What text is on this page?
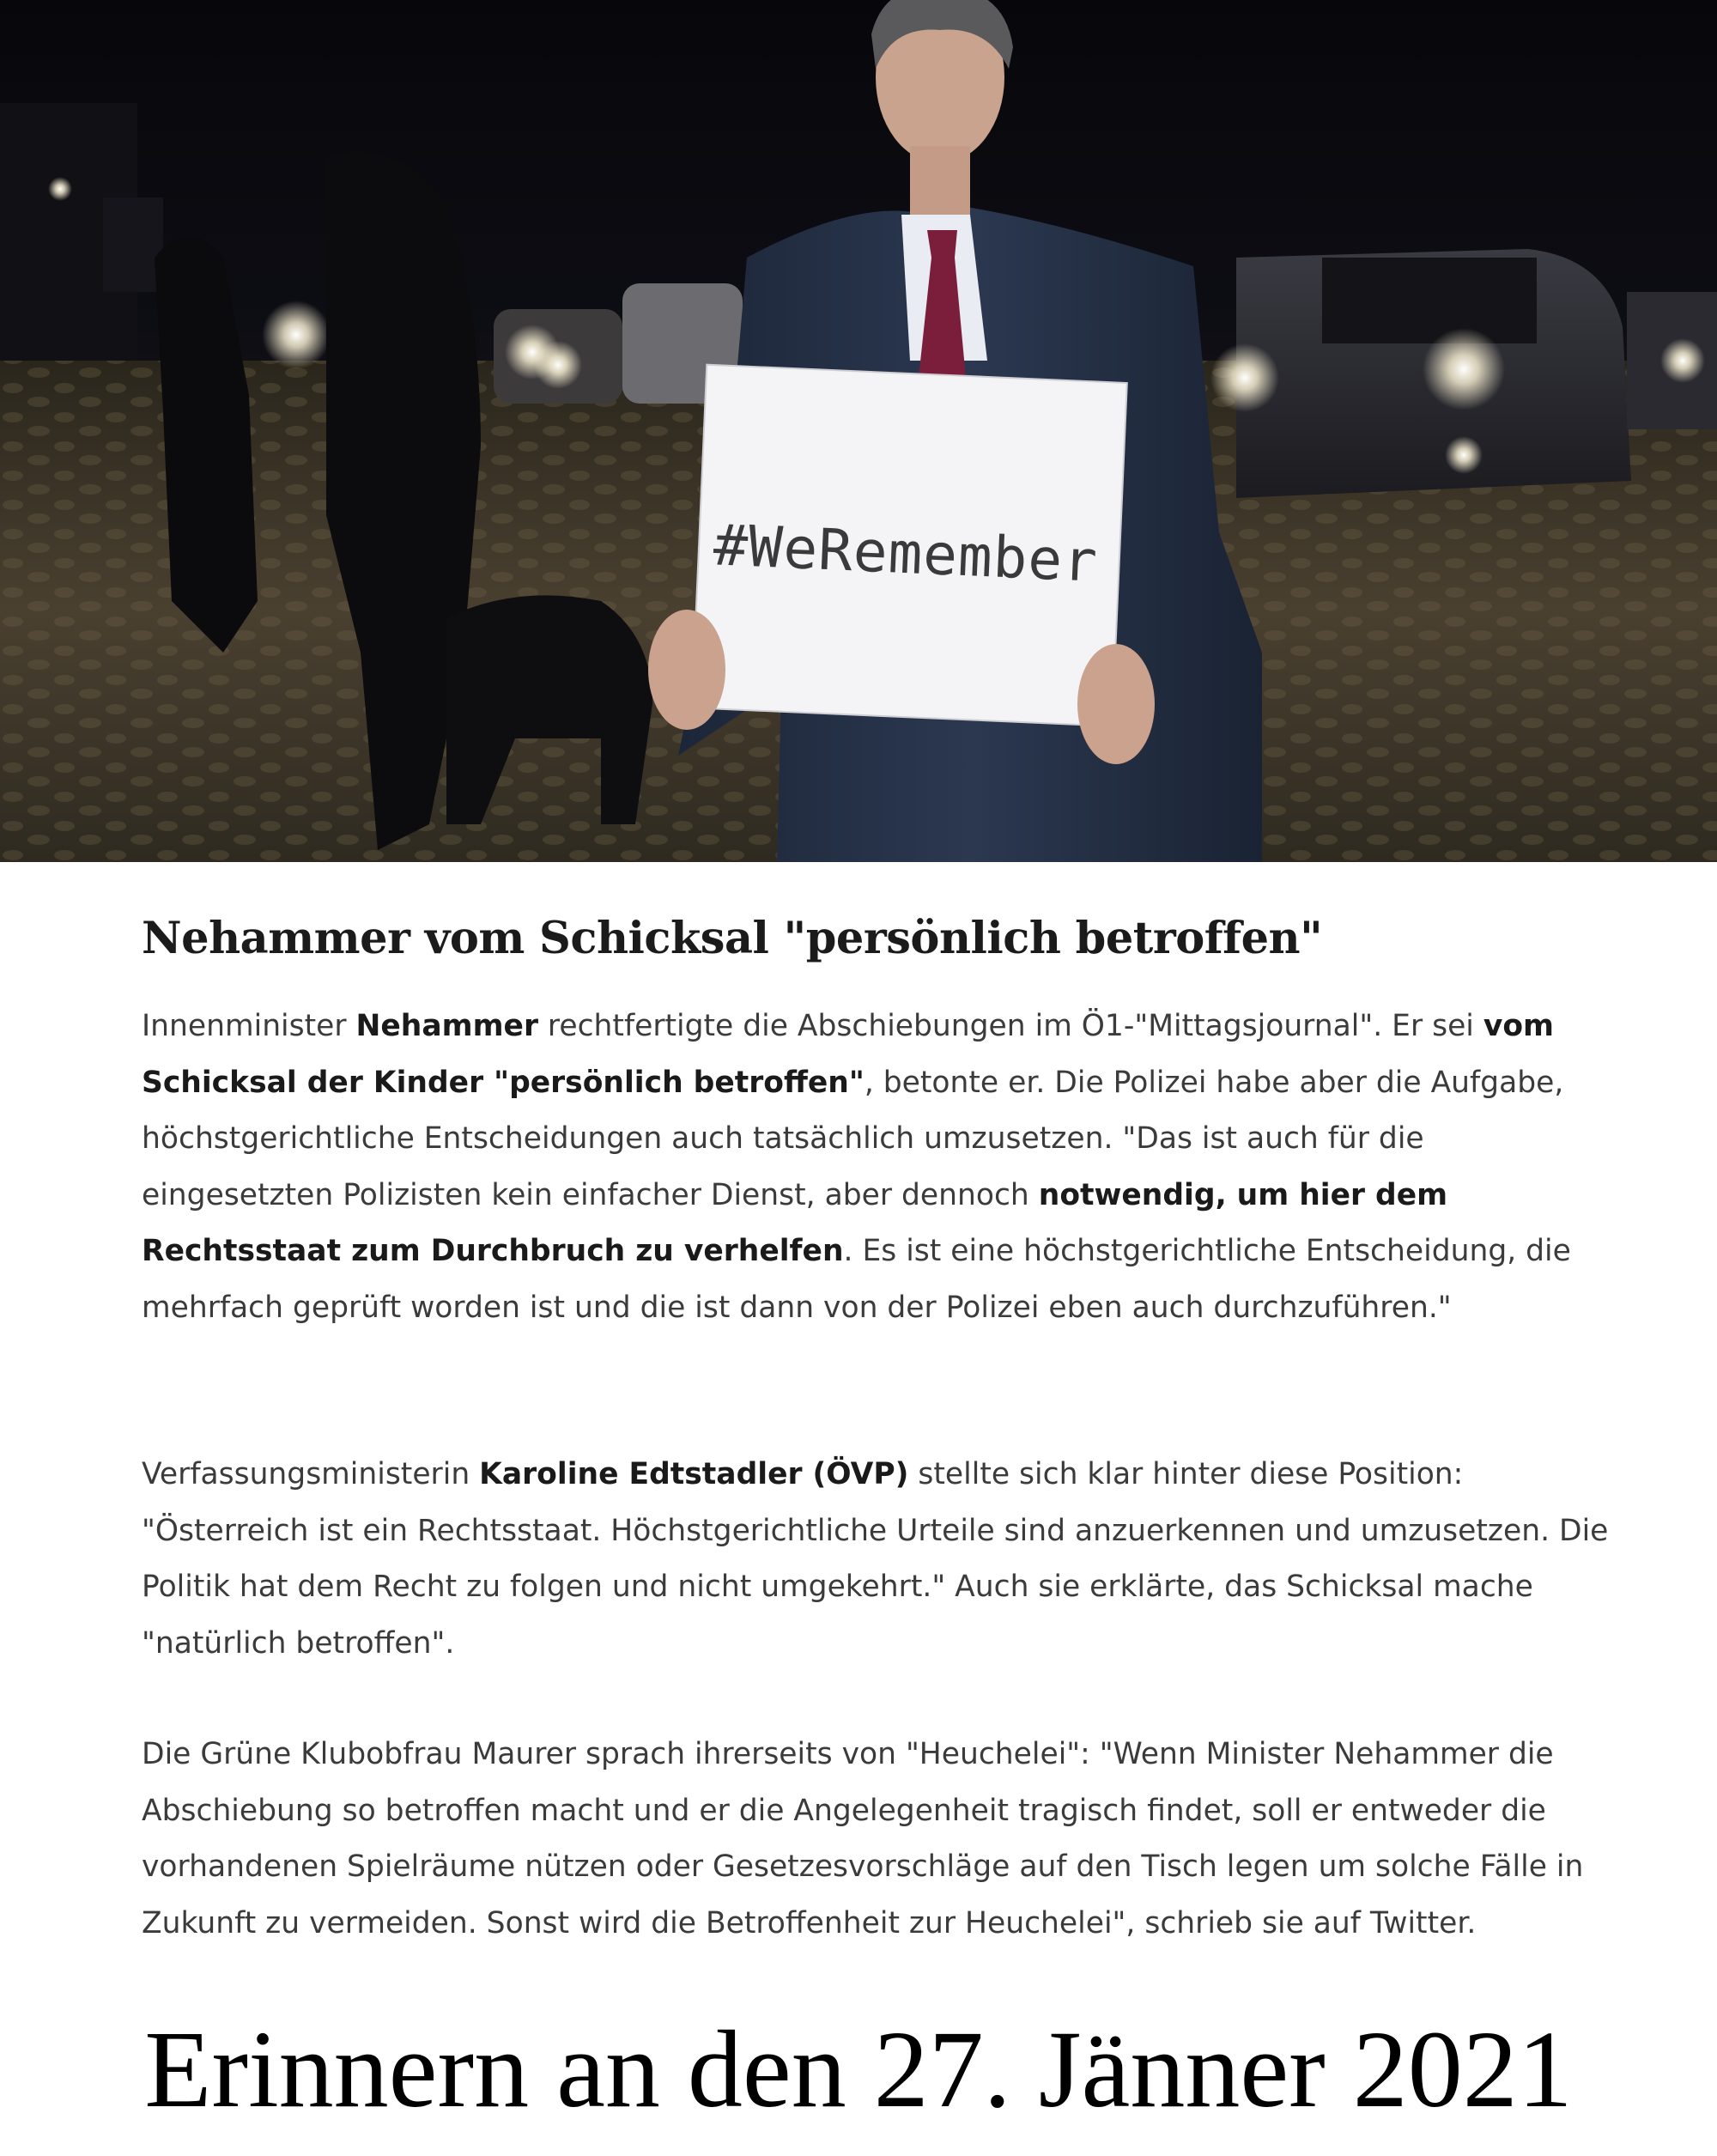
#WeRemember
Nehammer vom Schicksal "persönlich betroffen"

Innenminister Nehammer rechtfertigte die Abschiebungen im Ö1-"Mittagsjournal". Er sei vom Schicksal der Kinder "persönlich betroffen", betonte er. Die Polizei habe aber die Aufgabe, höchstgerichtliche Entscheidungen auch tatsächlich umzusetzen. "Das ist auch für die eingesetzten Polizisten kein einfacher Dienst, aber dennoch notwendig, um hier dem Rechtsstaat zum Durchbruch zu verhelfen. Es ist eine höchstgerichtliche Entscheidung, die mehrfach geprüft worden ist und die ist dann von der Polizei eben auch durchzuführen."

Verfassungsministerin Karoline Edtstadler (ÖVP) stellte sich klar hinter diese Position: "Österreich ist ein Rechtsstaat. Höchstgerichtliche Urteile sind anzuerkennen und umzusetzen. Die Politik hat dem Recht zu folgen und nicht umgekehrt." Auch sie erklärte, das Schicksal mache "natürlich betroffen".

Die Grüne Klubobfrau Maurer sprach ihrerseits von "Heuchelei": "Wenn Minister Nehammer die Abschiebung so betroffen macht und er die Angelegenheit tragisch findet, soll er entweder die vorhandenen Spielräume nützen oder Gesetzesvorschläge auf den Tisch legen um solche Fälle in Zukunft zu vermeiden. Sonst wird die Betroffenheit zur Heuchelei", schrieb sie auf Twitter.

Erinnern an den 27. Jänner 2021
